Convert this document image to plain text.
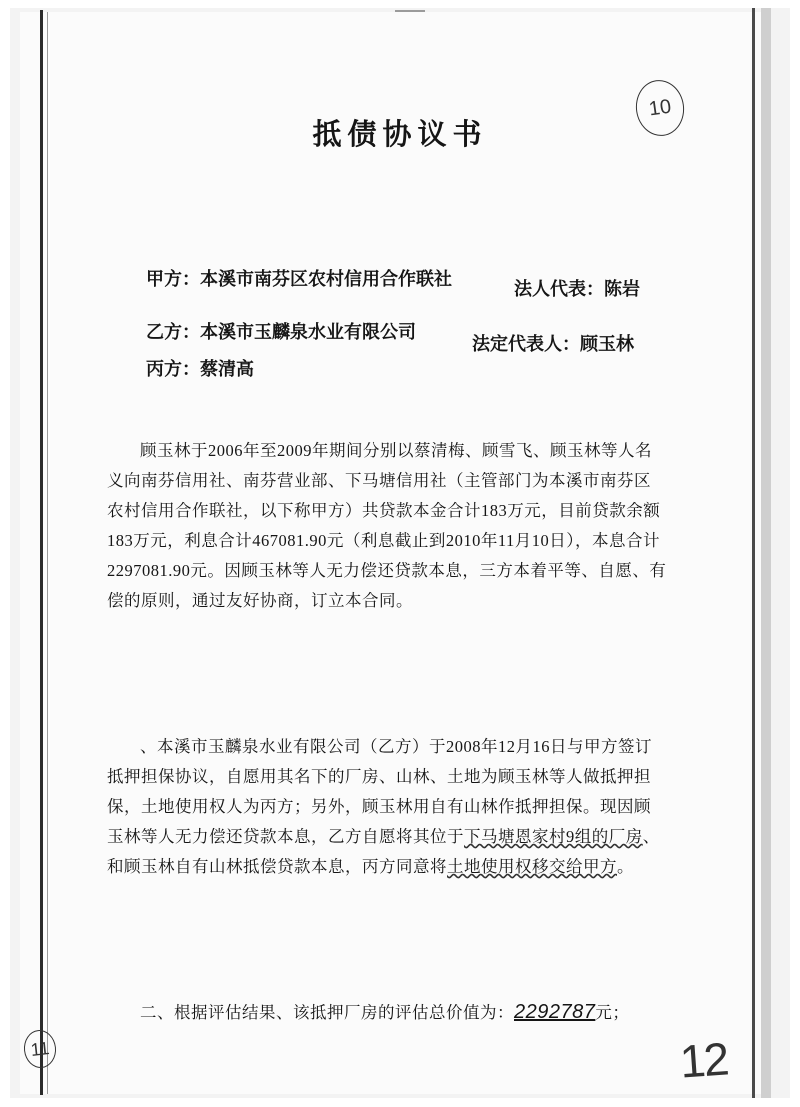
抵债协议书
10
11	12
甲方：本溪市南芬区农村信用合作联社	法人代表：陈岩
乙方：本溪市玉麟泉水业有限公司
法定代表人：顾玉林
丙方：蔡清高

顾玉林于2006年至2009年期间分别以蔡清梅、顾雪飞、顾玉林等人名义向南芬信用社、南芬营业部、下马塘信用社（主管部门为本溪市南芬区农村信用合作联社，以下称甲方）共贷款本金合计183万元，目前贷款余额183万元，利息合计467081.90元（利息截止到2010年11月10日），本息合计2297081.90元。因顾玉林等人无力偿还贷款本息，三方本着平等、自愿、有偿的原则，通过友好协商，订立本合同。

、本溪市玉麟泉水业有限公司（乙方）于2008年12月16日与甲方签订抵押担保协议，自愿用其名下的厂房、山林、土地为顾玉林等人做抵押担保，土地使用权人为丙方；另外，顾玉林用自有山林作抵押担保。现因顾玉林等人无力偿还贷款本息，乙方自愿将其位于下马塘恩家村9组的厂房、和顾玉林自有山林抵偿贷款本息，丙方同意将土地使用权移交给甲方。

二、根据评估结果、该抵押厂房的评估总价值为：2292787元；
